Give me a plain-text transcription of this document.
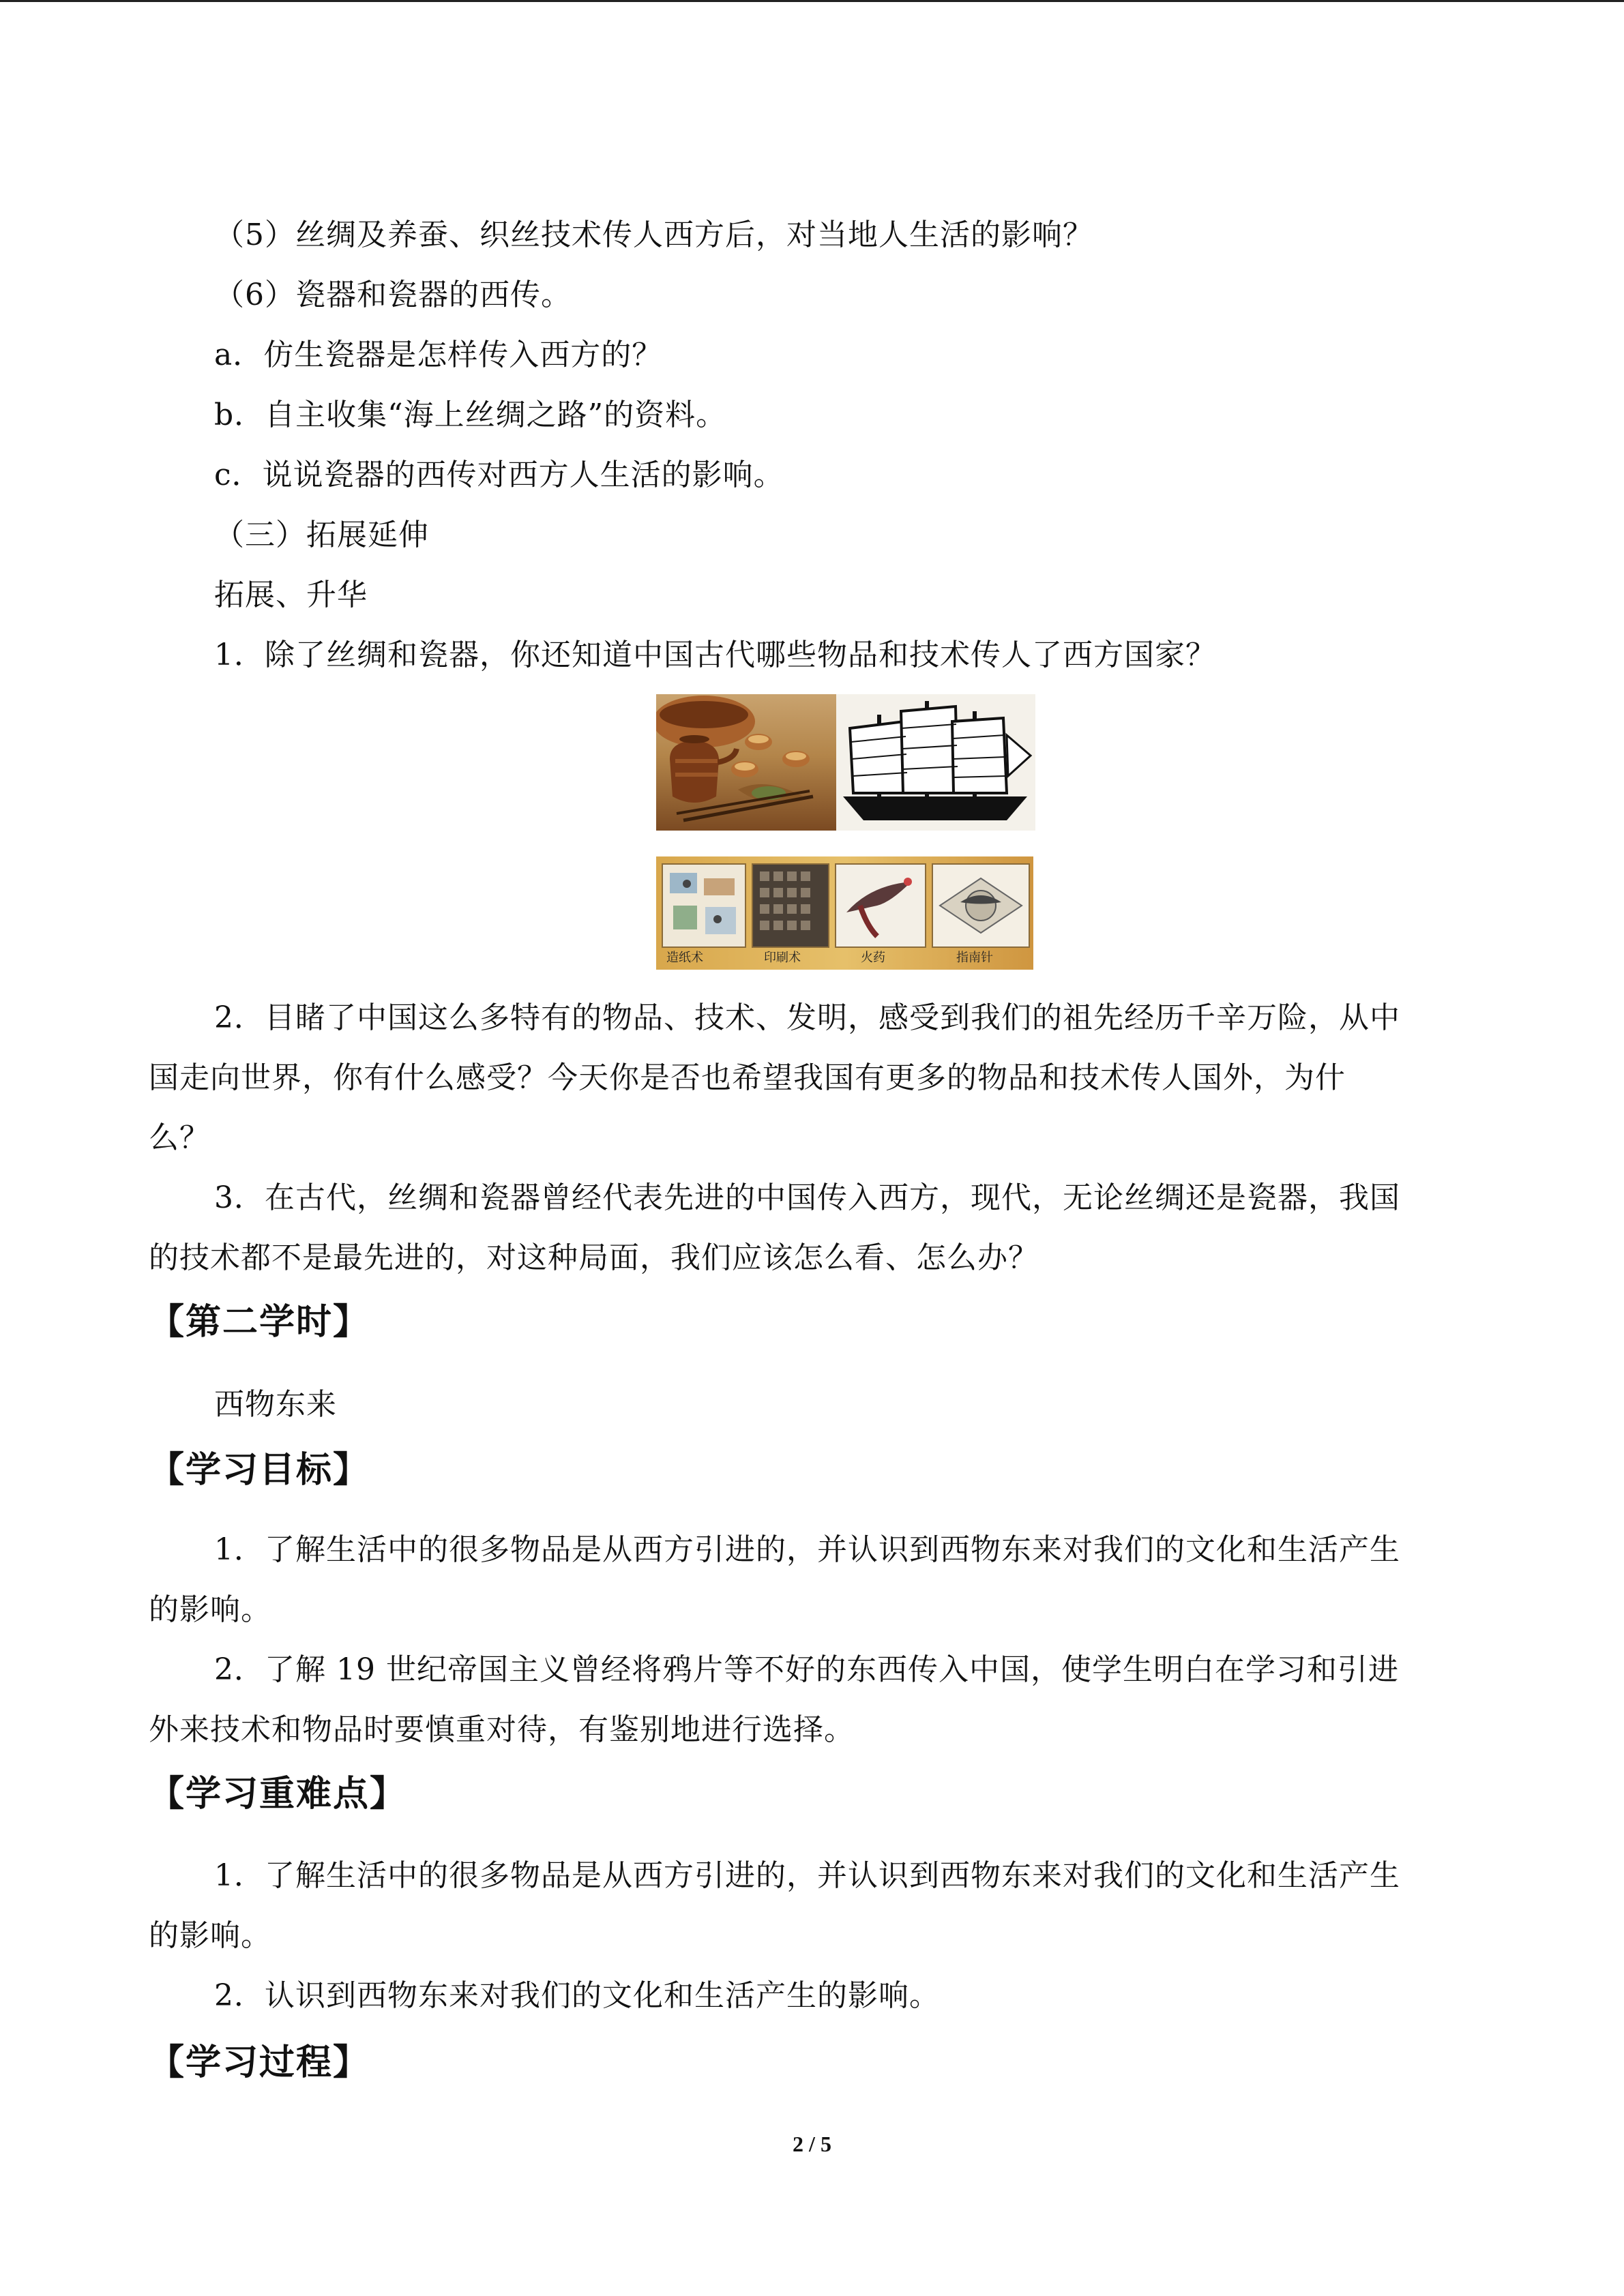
（5）丝绸及养蚕、织丝技术传人西方后，对当地人生活的影响？
（6）瓷器和瓷器的西传。
a．仿生瓷器是怎样传入西方的？
b．自主收集“海上丝绸之路”的资料。
c．说说瓷器的西传对西方人生活的影响。
（三）拓展延伸
拓展、升华
1．除了丝绸和瓷器，你还知道中国古代哪些物品和技术传人了西方国家？
造纸术	印刷术	火药	指南针
2．目睹了中国这么多特有的物品、技术、发明，感受到我们的祖先经历千辛万险，从中
国走向世界，你有什么感受？今天你是否也希望我国有更多的物品和技术传人国外，为什
么？
3．在古代，丝绸和瓷器曾经代表先进的中国传入西方，现代，无论丝绸还是瓷器，我国
的技术都不是最先进的，对这种局面，我们应该怎么看、怎么办？
【第二学时】
西物东来
【学习目标】
1．了解生活中的很多物品是从西方引进的，并认识到西物东来对我们的文化和生活产生
的影响。
2．了解 19 世纪帝国主义曾经将鸦片等不好的东西传入中国，使学生明白在学习和引进
外来技术和物品时要慎重对待，有鉴别地进行选择。
【学习重难点】
1．了解生活中的很多物品是从西方引进的，并认识到西物东来对我们的文化和生活产生
的影响。
2．认识到西物东来对我们的文化和生活产生的影响。
【学习过程】
2 / 5
